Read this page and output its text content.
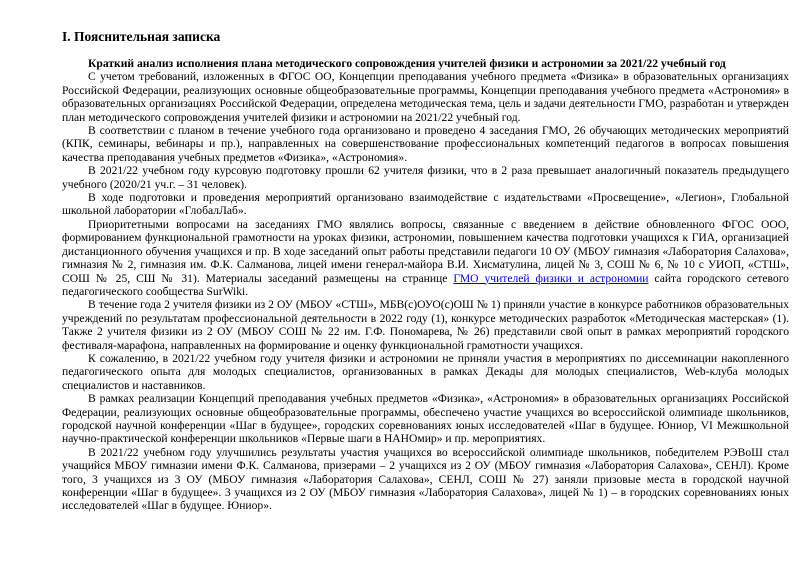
I. Пояснительная записка

Краткий анализ исполнения плана методического сопровождения учителей физики и астрономии за 2021/22 учебный год

С учетом требований, изложенных в ФГОС ОО, Концепции преподавания учебного предмета «Физика» в образовательных организациях Российской Федерации, реализующих основные общеобразовательные программы, Концепции преподавания учебного предмета «Астрономия» в образовательных организациях Российской Федерации, определена методическая тема, цель и задачи деятельности ГМО, разработан и утвержден план методического сопровождения учителей физики и астрономии на 2021/22 учебный год.

В соответствии с планом в течение учебного года организовано и проведено 4 заседания ГМО, 26 обучающих методических мероприятий (КПК, семинары, вебинары и пр.), направленных на совершенствование профессиональных компетенций педагогов в вопросах повышения качества преподавания учебных предметов «Физика», «Астрономия».

В 2021/22 учебном году курсовую подготовку прошли 62 учителя физики, что в 2 раза превышает аналогичный показатель предыдущего учебного (2020/21 уч.г. – 31 человек).

В ходе подготовки и проведения мероприятий организовано взаимодействие с издательствами «Просвещение», «Легион», Глобальной школьной лаборатории «ГлобалЛаб».

Приоритетными вопросами на заседаниях ГМО являлись вопросы, связанные с введением в действие обновленного ФГОС ООО, формированием функциональной грамотности на уроках физики, астрономии, повышением качества подготовки учащихся к ГИА, организацией дистанционного обучения учащихся и пр. В ходе заседаний опыт работы представили педагоги 10 ОУ (МБОУ гимназия «Лаборатория Салахова», гимназия № 2, гимназия им. Ф.К. Салманова, лицей имени генерал-майора В.И. Хисматулина, лицей № 3, СОШ № 6, № 10 с УИОП, «СТШ», СОШ № 25, СШ № 31). Материалы заседаний размещены на странице ГМО учителей физики и астрономии сайта городского сетевого педагогического сообщества SurWiki.

В течение года 2 учителя физики из 2 ОУ (МБОУ «СТШ», МБВ(с)ОУО(с)ОШ № 1) приняли участие в конкурсе работников образовательных учреждений по результатам профессиональной деятельности в 2022 году (1), конкурсе методических разработок «Методическая мастерская» (1). Также 2 учителя физики из 2 ОУ (МБОУ СОШ № 22 им. Г.Ф. Пономарева, № 26) представили свой опыт в рамках мероприятий городского фестиваля-марафона, направленных на формирование и оценку функциональной грамотности учащихся.

К сожалению, в 2021/22 учебном году учителя физики и астрономии не приняли участия в мероприятиях по диссеминации накопленного педагогического опыта для молодых специалистов, организованных в рамках Декады для молодых специалистов, Web-клуба молодых специалистов и наставников.

В рамках реализации Концепций преподавания учебных предметов «Физика», «Астрономия» в образовательных организациях Российской Федерации, реализующих основные общеобразовательные программы, обеспечено участие учащихся во всероссийской олимпиаде школьников, городской научной конференции «Шаг в будущее», городских соревнованиях юных исследователей «Шаг в будущее. Юниор, VI Межшкольной научно-практической конференции школьников «Первые шаги в НАНОмир» и пр. мероприятиях.

В 2021/22 учебном году улучшились результаты участия учащихся во всероссийской олимпиаде школьников, победителем РЭВоШ стал учащийся МБОУ гимназии имени Ф.К. Салманова, призерами – 2 учащихся из 2 ОУ (МБОУ гимназия «Лаборатория Салахова», СЕНЛ). Кроме того, 3 учащихся из 3 ОУ (МБОУ гимназия «Лаборатория Салахова», СЕНЛ, СОШ № 27) заняли призовые места в городской научной конференции «Шаг в будущее». 3 учащихся из 2 ОУ (МБОУ гимназия «Лаборатория Салахова», лицей № 1) – в городских соревнованиях юных исследователей «Шаг в будущее. Юниор».
